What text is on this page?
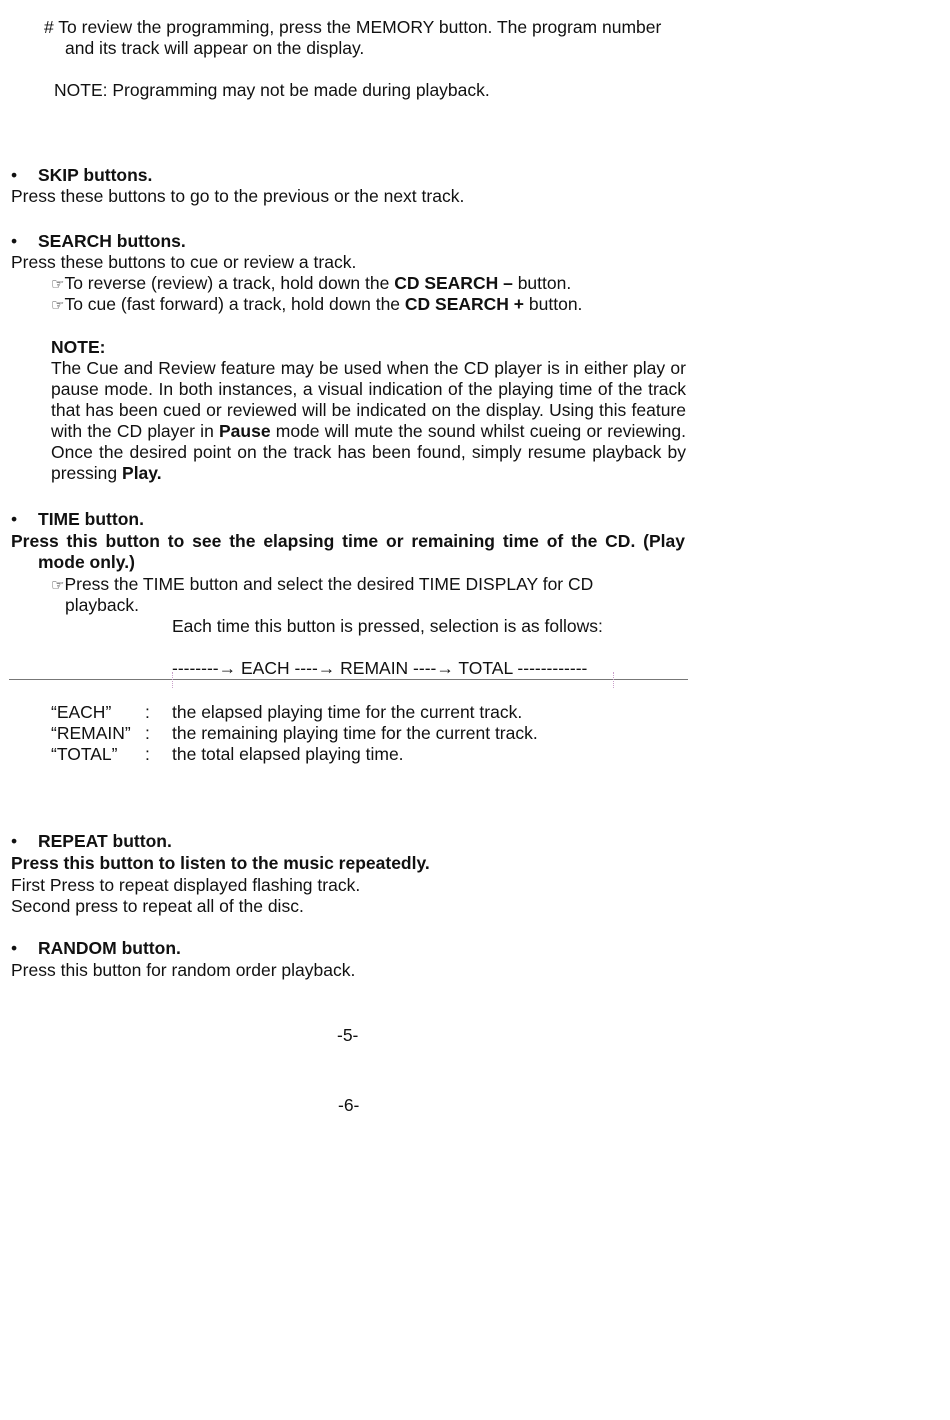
# To review the programming, press the MEMORY button. The program number
and its track will appear on the display.
NOTE: Programming may not be made during playback.
• SKIP buttons.
Press these buttons to go to the previous or the next track.
• SEARCH buttons.
Press these buttons to cue or review a track.
☞To reverse (review) a track, hold down the CD SEARCH – button.
☞To cue (fast forward) a track, hold down the CD SEARCH + button.
NOTE:
The Cue and Review feature may be used when the CD player is in either play or pause mode. In both instances, a visual indication of the playing time of the track that has been cued or reviewed will be indicated on the display. Using this feature with the CD player in Pause mode will mute the sound whilst cueing or reviewing. Once the desired point on the track has been found, simply resume playback by pressing Play.
• TIME button.
Press this button to see the elapsing time or remaining time of the CD. (Play
mode only.)
☞Press the TIME button and select the desired TIME DISPLAY for CD
playback.
Each time this button is pressed, selection is as follows:
--------→ EACH ----→ REMAIN ----→ TOTAL ------------
“EACH” : the elapsed playing time for the current track.
“REMAIN” : the remaining playing time for the current track.
“TOTAL” : the total elapsed playing time.
• REPEAT button.
Press this button to listen to the music repeatedly.
First Press to repeat displayed flashing track.
Second press to repeat all of the disc.
• RANDOM button.
Press this button for random order playback.
-5-
-6-
